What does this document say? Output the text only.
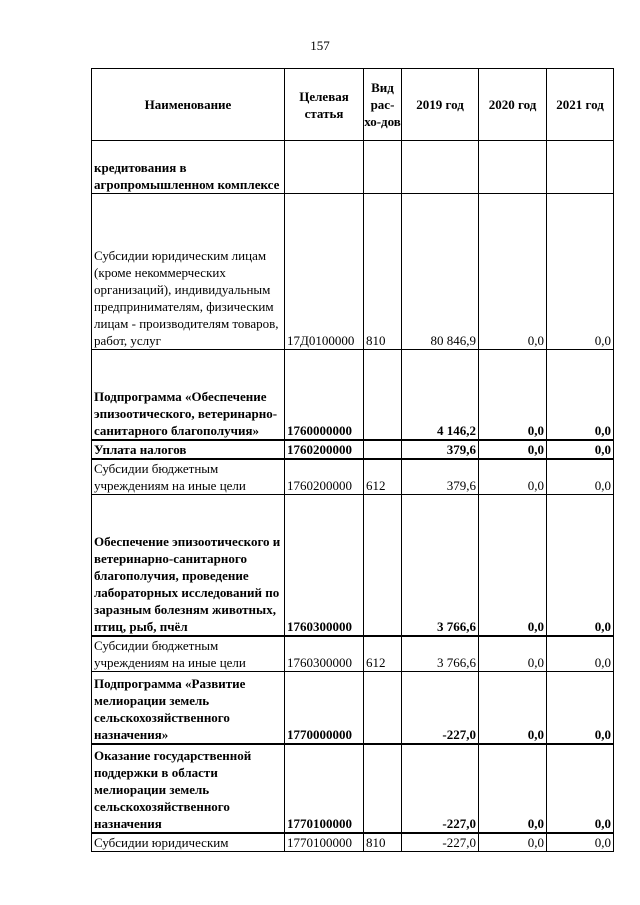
157
Наименование	Целевая статья	Вид рас-хо-дов	2019 год	2020 год	2021 год
кредитования в агропромышленном комплексе					
Субсидии юридическим лицам (кроме некоммерческих организаций), индивидуальным предпринимателям, физическим лицам - производителям товаров, работ, услуг	17Д0100000	810	80 846,9	0,0	0,0
Подпрограмма «Обеспечение эпизоотического, ветеринарно-санитарного благополучия»	1760000000		4 146,2	0,0	0,0
Уплата налогов	1760200000		379,6	0,0	0,0
Субсидии бюджетным учреждениям на иные цели	1760200000	612	379,6	0,0	0,0
Обеспечение эпизоотического и ветеринарно-санитарного благополучия, проведение лабораторных исследований по заразным болезням животных, птиц, рыб, пчёл	1760300000		3 766,6	0,0	0,0
Субсидии бюджетным учреждениям на иные цели	1760300000	612	3 766,6	0,0	0,0
Подпрограмма «Развитие мелиорации земель сельскохозяйственного назначения»	1770000000		-227,0	0,0	0,0
Оказание государственной поддержки в области мелиорации земель сельскохозяйственного назначения	1770100000		-227,0	0,0	0,0
Субсидии юридическим	1770100000	810	-227,0	0,0	0,0
